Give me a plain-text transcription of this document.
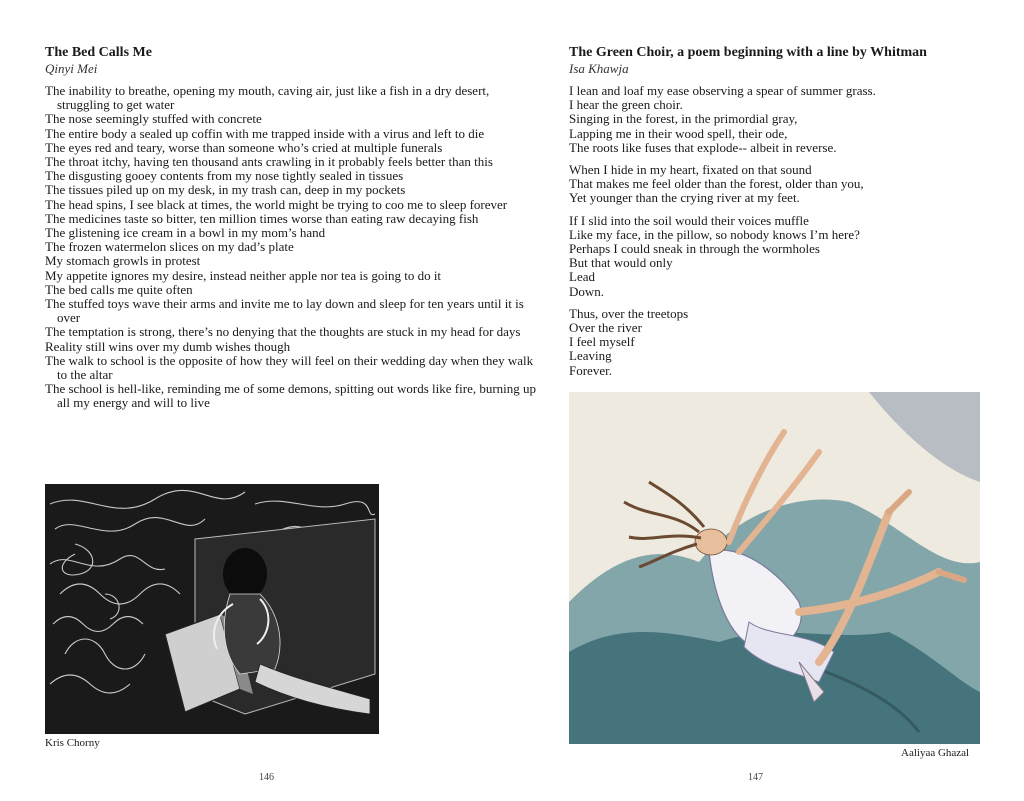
The Bed Calls Me
Qinyi Mei
The inability to breathe, opening my mouth, caving air, just like a fish in a dry desert, struggling to get water
The nose seemingly stuffed with concrete
The entire body a sealed up coffin with me trapped inside with a virus and left to die
The eyes red and teary, worse than someone who’s cried at multiple funerals
The throat itchy, having ten thousand ants crawling in it probably feels better than this
The disgusting gooey contents from my nose tightly sealed in tissues
The tissues piled up on my desk, in my trash can, deep in my pockets
The head spins, I see black at times, the world might be trying to coo me to sleep forever
The medicines taste so bitter, ten million times worse than eating raw decaying fish
The glistening ice cream in a bowl in my mom’s hand
The frozen watermelon slices on my dad’s plate
My stomach growls in protest
My appetite ignores my desire, instead neither apple nor tea is going to do it
The bed calls me quite often
The stuffed toys wave their arms and invite me to lay down and sleep for ten years until it is over
The temptation is strong, there’s no denying that the thoughts are stuck in my head for days
Reality still wins over my dumb wishes though
The walk to school is the opposite of how they will feel on their wedding day when they walk to the altar
The school is hell-like, reminding me of some demons, spitting out words like fire, burning up all my energy and will to live
Kris Chorny
146
The Green Choir, a poem beginning with a line by Whitman
Isa Khawja
I lean and loaf my ease observing a spear of summer grass.
I hear the green choir.
Singing in the forest, in the primordial gray,
Lapping me in their wood spell, their ode,
The roots like fuses that explode-- albeit in reverse.
When I hide in my heart, fixated on that sound
That makes me feel older than the forest, older than you,
Yet younger than the crying river at my feet.
If I slid into the soil would their voices muffle
Like my face, in the pillow, so nobody knows I’m here?
Perhaps I could sneak in through the wormholes
But that would only
Lead
Down.
Thus, over the treetops
Over the river
I feel myself
Leaving
Forever.
Aaliyaa Ghazal
147
